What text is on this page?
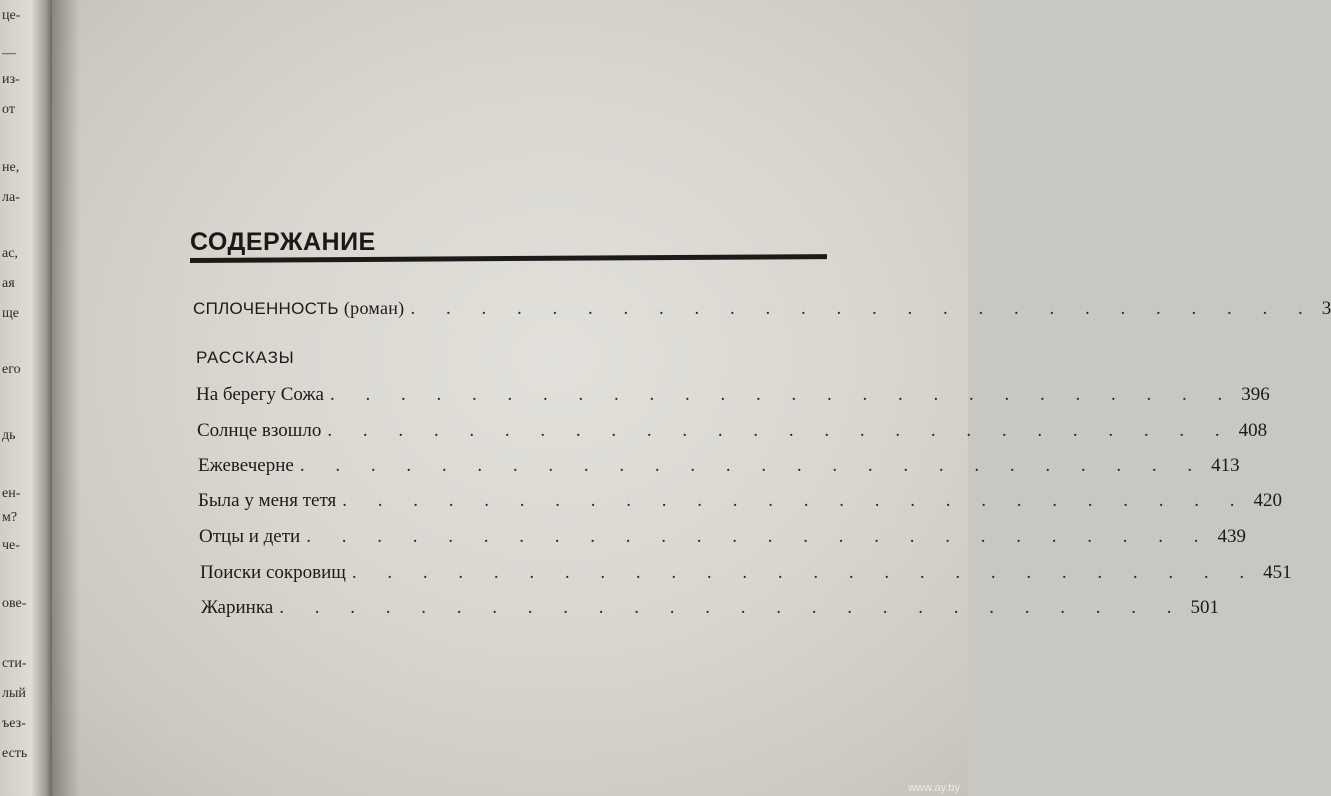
це-
—
из-
от
не,
ла-
ас,
ая
ще
его
дь
ен-
м?
че-
ове-
сти-
лый
ъез-
есть
СОДЕРЖАНИЕ
СПЛОЧЕННОСТЬ (роман) . . . . . . . . . . . . . . . . . . . . . . . . . . 3
РАССКАЗЫ
На берегу Сожа . . . . . . . . . . . . . . . . . . . . . . . . . . 396
Солнце взошло . . . . . . . . . . . . . . . . . . . . . . . . . . 408
Ежевечерне . . . . . . . . . . . . . . . . . . . . . . . . . . 413
Была у меня тетя . . . . . . . . . . . . . . . . . . . . . . . . . . 420
Отцы и дети . . . . . . . . . . . . . . . . . . . . . . . . . . 439
Поиски сокровищ . . . . . . . . . . . . . . . . . . . . . . . . . . 451
Жаринка . . . . . . . . . . . . . . . . . . . . . . . . . . 501
www.ay.by
